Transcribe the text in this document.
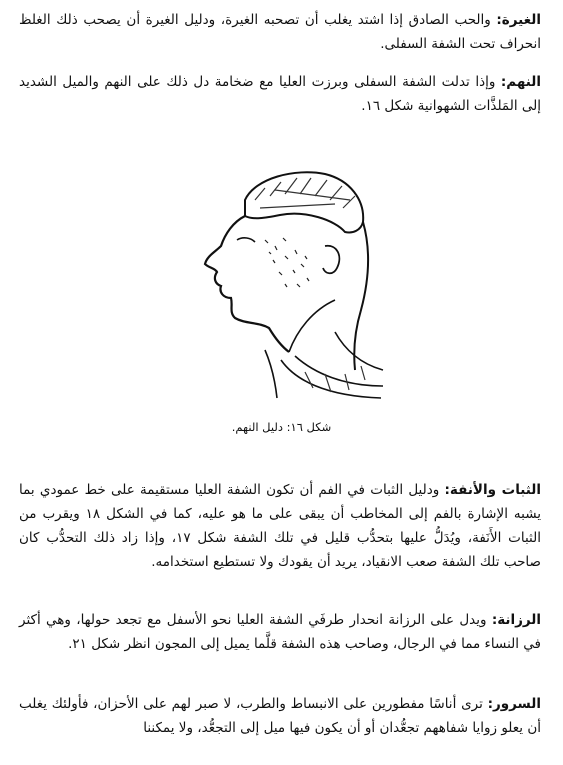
الغيرة: والحب الصادق إذا اشتد يغلب أن تصحبه الغيرة، ودليل الغيرة أن يصحب ذلك الغلظ انحراف تحت الشفة السفلى.

النهم: وإذا تدلت الشفة السفلى وبرزت العليا مع ضخامة دل ذلك على النهم والميل الشديد إلى المَلذَّات الشهوانية شكل ١٦.

شكل ١٦: دليل النهم.

الثبات والأنفة: ودليل الثبات في الفم أن تكون الشفة العليا مستقيمة على خط عمودي بما يشبه الإشارة بالفم إلى المخاطب أن يبقى على ما هو عليه، كما في الشكل ١٨ ويقرب من الثبات الأَنَفة، ويُدَلُّ عليها بتحدُّب قليل في تلك الشفة شكل ١٧، وإذا زاد ذلك التحدُّب كان صاحب تلك الشفة صعب الانقياد، يريد أن يقودك ولا تستطيع استخدامه.

الرزانة: ويدل على الرزانة انحدار طرفَي الشفة العليا نحو الأسفل مع تجعد حولها، وهي أكثر في النساء مما في الرجال، وصاحب هذه الشفة قلَّما يميل إلى المجون انظر شكل ٢١.

السرور: ترى أناسًا مفطورين على الانبساط والطرب، لا صبر لهم على الأحزان، فأولئك يغلب أن يعلو زوايا شفاههم تجعُّدان أو أن يكون فيها ميل إلى التجعُّد، ولا يمكننا
